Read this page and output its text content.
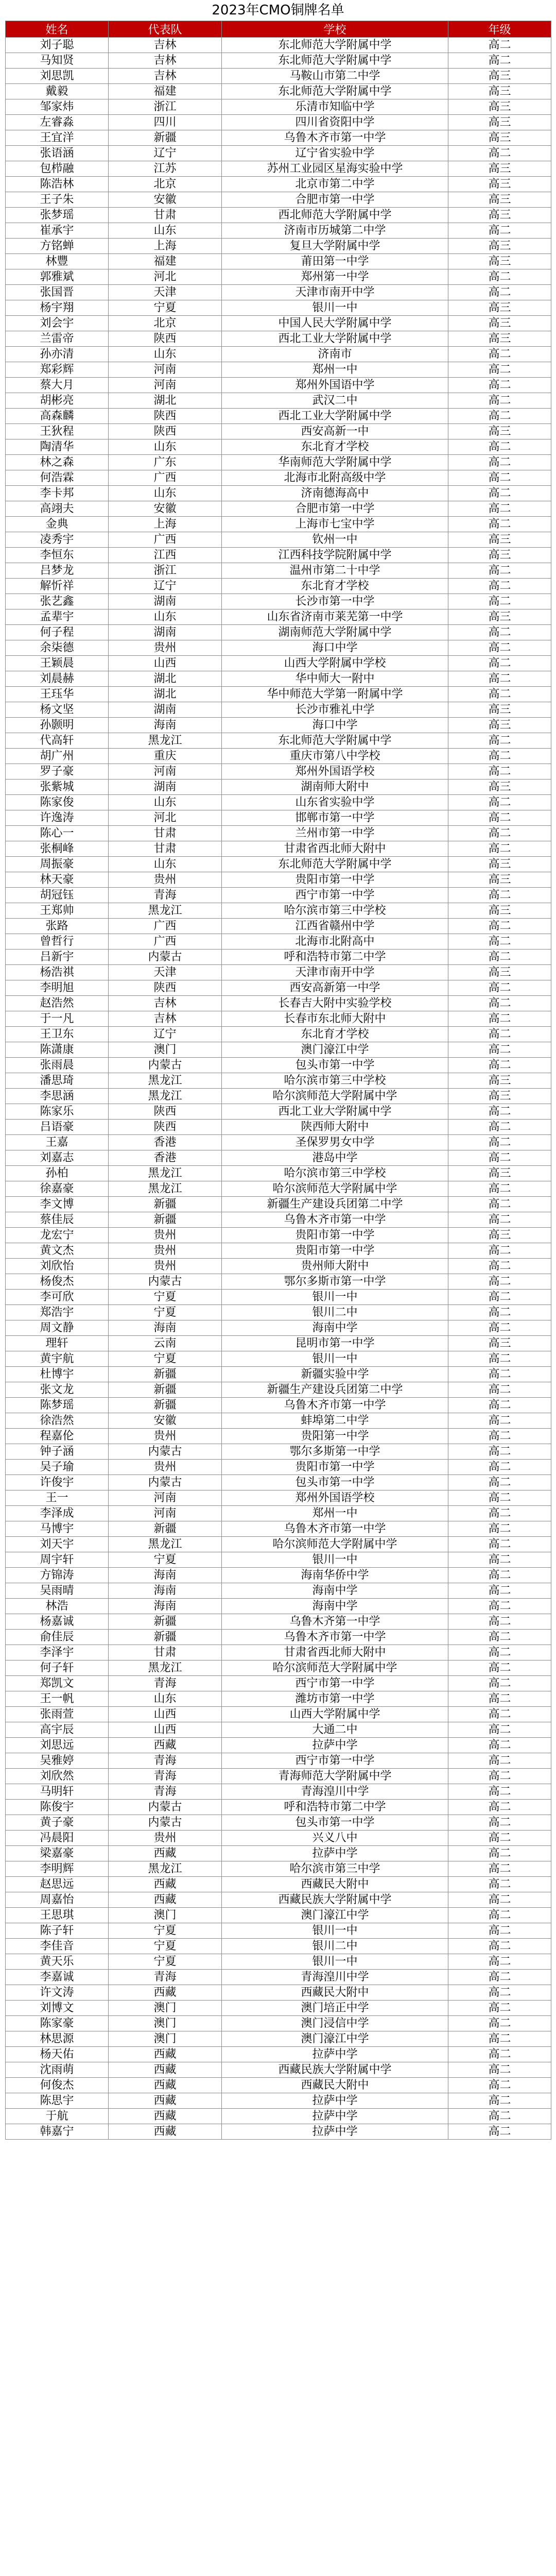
2023年CMO铜牌名单
姓名	代表队	学校	年级
刘子聪	吉林	东北师范大学附属中学	高二
马知贤	吉林	东北师范大学附属中学	高二
刘思凯	吉林	马鞍山市第二中学	高三
戴毅	福建	东北师范大学附属中学	高三
邹家炜	浙江	乐清市知临中学	高三
左睿淼	四川	四川省资阳中学	高三
王宜洋	新疆	乌鲁木齐市第一中学	高三
张语涵	辽宁	辽宁省实验中学	高二
包栉融	江苏	苏州工业园区星海实验中学	高三
陈浩林	北京	北京市第二中学	高三
王子朱	安徽	合肥市第一中学	高三
张梦瑶	甘肃	西北师范大学附属中学	高三
崔承宇	山东	济南市历城第二中学	高二
方铭蝉	上海	复旦大学附属中学	高三
林豐	福建	莆田第一中学	高三
郭雅斌	河北	郑州第一中学	高二
张国晋	天津	天津市南开中学	高二
杨宇翔	宁夏	银川一中	高三
刘会宇	北京	中国人民大学附属中学	高三
兰雷帝	陕西	西北工业大学附属中学	高三
孙亦清	山东	济南市	高二
郑彩辉	河南	郑州一中	高二
蔡大月	河南	郑州外国语中学	高二
胡彬亮	湖北	武汉二中	高二
高森麟	陕西	西北工业大学附属中学	高二
王狄程	陕西	西安高新一中	高三
陶清华	山东	东北育才学校	高二
林之森	广东	华南师范大学附属中学	高二
何浩霖	广西	北海市北附高级中学	高二
李卡邦	山东	济南德海高中	高二
高翊夫	安徽	合肥市第一中学	高二
金典	上海	上海市七宝中学	高二
凌秀宇	广西	钦州一中	高三
李恒东	江西	江西科技学院附属中学	高三
吕梦龙	浙江	温州市第二十中学	高二
解忻祥	辽宁	东北育才学校	高二
张艺鑫	湖南	长沙市第一中学	高二
孟辈宇	山东	山东省济南市莱芜第一中学	高三
何子程	湖南	湖南师范大学附属中学	高二
余柒德	贵州	海口中学	高二
王颖晨	山西	山西大学附属中学校	高二
刘晨赫	湖北	华中师大一附中	高二
王珏华	湖北	华中师范大学第一附属中学	高二
杨文坚	湖南	长沙市雅礼中学	高三
孙颢明	海南	海口中学	高三
代高轩	黑龙江	东北师范大学附属中学	高二
胡广州	重庆	重庆市第八中学校	高二
罗子豪	河南	郑州外国语学校	高二
张紫城	湖南	湖南师大附中	高三
陈家俊	山东	山东省实验中学	高二
许逸涛	河北	邯郸市第一中学	高二
陈心一	甘肃	兰州市第一中学	高二
张桐峰	甘肃	甘肃省西北师大附中	高二
周振豪	山东	东北师范大学附属中学	高三
林天豪	贵州	贵阳市第一中学	高三
胡冠钰	青海	西宁市第一中学	高二
王郑帅	黑龙江	哈尔滨市第三中学校	高三
张路	广西	江西省赣州中学	高二
曾哲行	广西	北海市北附高中	高二
吕新宇	内蒙古	呼和浩特市第二中学	高二
杨浩祺	天津	天津市南开中学	高三
李明旭	陕西	西安高新第一中学	高二
赵浩然	吉林	长春吉大附中实验学校	高二
于一凡	吉林	长春市东北师大附中	高二
王卫东	辽宁	东北育才学校	高二
陈潇康	澳门	澳门濠江中学	高二
张雨晨	内蒙古	包头市第一中学	高二
潘思琦	黑龙江	哈尔滨市第三中学校	高三
李思涵	黑龙江	哈尔滨师范大学附属中学	高三
陈家乐	陕西	西北工业大学附属中学	高二
吕语豪	陕西	陕西师大附中	高二
王嘉	香港	圣保罗男女中学	高二
刘嘉志	香港	港岛中学	高二
孙柏	黑龙江	哈尔滨市第三中学校	高三
徐嘉豪	黑龙江	哈尔滨师范大学附属中学	高二
李文博	新疆	新疆生产建设兵团第二中学	高二
蔡佳辰	新疆	乌鲁木齐市第一中学	高二
龙宏宁	贵州	贵阳市第一中学	高三
黄文杰	贵州	贵阳市第一中学	高二
刘欣怡	贵州	贵州师大附中	高二
杨俊杰	内蒙古	鄂尔多斯市第一中学	高二
李可欣	宁夏	银川一中	高二
郑浩宇	宁夏	银川二中	高二
周文静	海南	海南中学	高二
理轩	云南	昆明市第一中学	高三
黄宇航	宁夏	银川一中	高二
杜博宇	新疆	新疆实验中学	高二
张文龙	新疆	新疆生产建设兵团第二中学	高二
陈梦瑶	新疆	乌鲁木齐市第一中学	高二
徐浩然	安徽	蚌埠第二中学	高二
程嘉伦	贵州	贵阳第一中学	高二
钟子涵	内蒙古	鄂尔多斯第一中学	高二
吴子瑜	贵州	贵阳市第一中学	高二
许俊宇	内蒙古	包头市第一中学	高二
王一	河南	郑州外国语学校	高二
李泽成	河南	郑州一中	高二
马博宇	新疆	乌鲁木齐市第一中学	高二
刘天宇	黑龙江	哈尔滨师范大学附属中学	高二
周宇轩	宁夏	银川一中	高二
方锦涛	海南	海南华侨中学	高二
吴雨晴	海南	海南中学	高二
林浩	海南	海南中学	高二
杨嘉诚	新疆	乌鲁木齐第一中学	高二
俞佳辰	新疆	乌鲁木齐市第一中学	高二
李泽宇	甘肃	甘肃省西北师大附中	高二
何子轩	黑龙江	哈尔滨师范大学附属中学	高二
郑凯文	青海	西宁市第一中学	高二
王一帆	山东	潍坊市第一中学	高二
张雨萱	山西	山西大学附属中学	高二
高宇辰	山西	大通二中	高二
刘思远	西藏	拉萨中学	高二
吴雅婷	青海	西宁市第一中学	高二
刘欣然	青海	青海师范大学附属中学	高二
马明轩	青海	青海湟川中学	高二
陈俊宇	内蒙古	呼和浩特市第二中学	高二
黄子豪	内蒙古	包头市第一中学	高二
冯晨阳	贵州	兴义八中	高二
梁嘉豪	西藏	拉萨中学	高二
李明辉	黑龙江	哈尔滨市第三中学	高二
赵思远	西藏	西藏民大附中	高二
周嘉怡	西藏	西藏民族大学附属中学	高二
王思琪	澳门	澳门濠江中学	高二
陈子轩	宁夏	银川一中	高二
李佳音	宁夏	银川二中	高二
黄天乐	宁夏	银川一中	高二
李嘉诚	青海	青海湟川中学	高二
许文涛	西藏	西藏民大附中	高二
刘博文	澳门	澳门培正中学	高二
陈家豪	澳门	澳门浸信中学	高二
林思源	澳门	澳门濠江中学	高二
杨天佑	西藏	拉萨中学	高二
沈雨萌	西藏	西藏民族大学附属中学	高二
何俊杰	西藏	西藏民大附中	高二
陈思宇	西藏	拉萨中学	高二
于航	西藏	拉萨中学	高二
韩嘉宁	西藏	拉萨中学	高二
